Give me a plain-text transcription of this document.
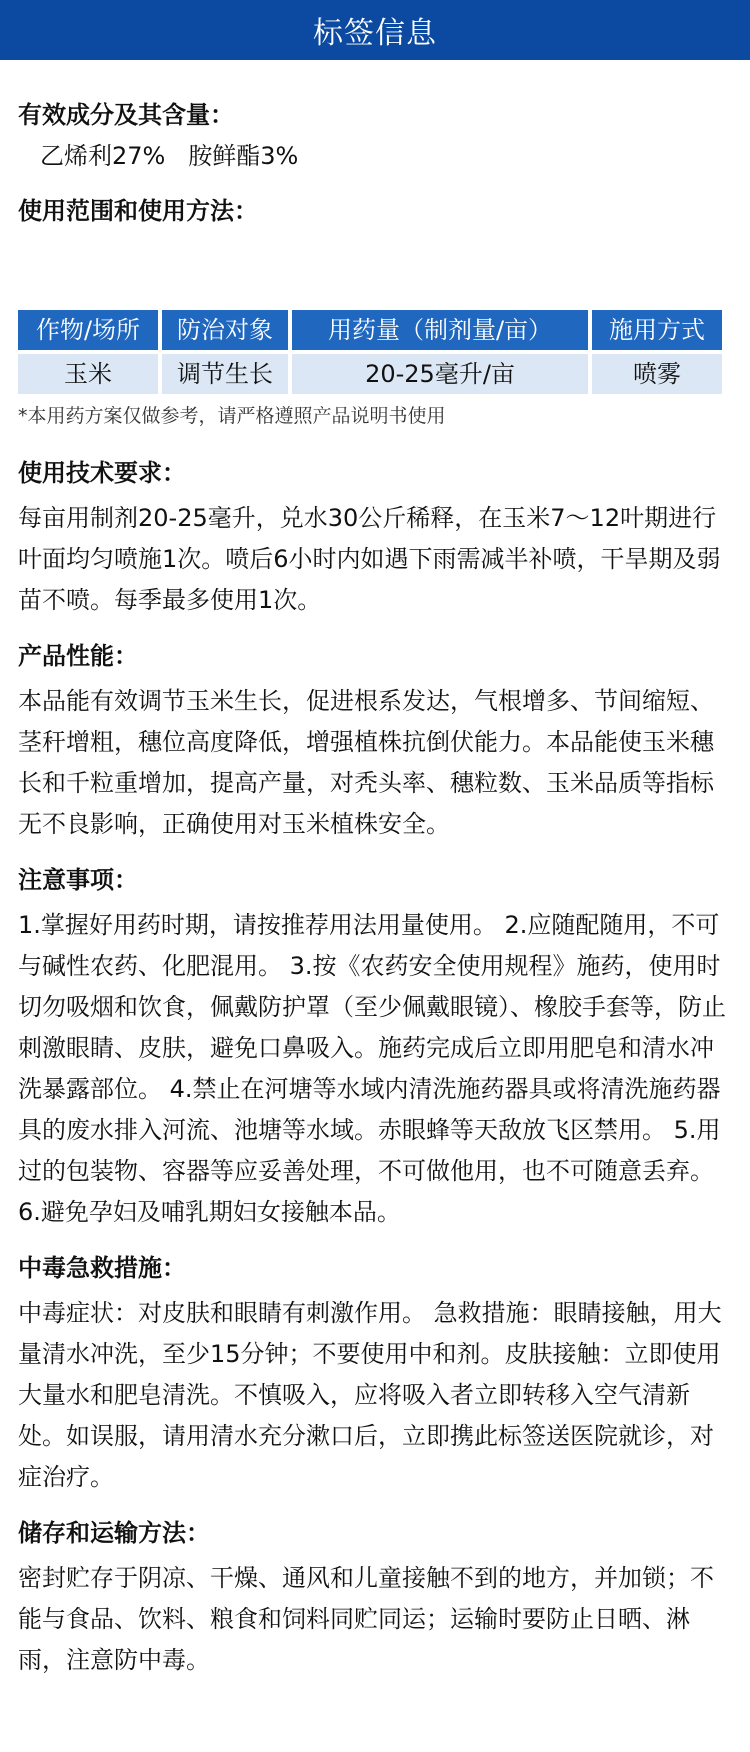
标签信息

有效成分及其含量：

乙烯利27%   胺鲜酯3%

使用范围和使用方法：

作物/场所	防治对象	用药量（制剂量/亩）	施用方式
玉米	调节生长	20-25毫升/亩	喷雾

*本用药方案仅做参考，请严格遵照产品说明书使用

使用技术要求：

每亩用制剂20-25毫升，兑水30公斤稀释，在玉米7～12叶期进行叶面均匀喷施1次。喷后6小时内如遇下雨需减半补喷，干旱期及弱苗不喷。每季最多使用1次。

产品性能：

本品能有效调节玉米生长，促进根系发达，气根增多、节间缩短、茎秆增粗，穗位高度降低，增强植株抗倒伏能力。本品能使玉米穗长和千粒重增加，提高产量，对秃头率、穗粒数、玉米品质等指标无不良影响，正确使用对玉米植株安全。

注意事项：

1.掌握好用药时期，请按推荐用法用量使用。 2.应随配随用，不可与碱性农药、化肥混用。 3.按《农药安全使用规程》施药，使用时切勿吸烟和饮食，佩戴防护罩（至少佩戴眼镜）、橡胶手套等，防止刺激眼睛、皮肤，避免口鼻吸入。施药完成后立即用肥皂和清水冲洗暴露部位。 4.禁止在河塘等水域内清洗施药器具或将清洗施药器具的废水排入河流、池塘等水域。赤眼蜂等天敌放飞区禁用。 5.用过的包装物、容器等应妥善处理，不可做他用，也不可随意丢弃。 6.避免孕妇及哺乳期妇女接触本品。

中毒急救措施：

中毒症状：对皮肤和眼睛有刺激作用。 急救措施：眼睛接触，用大量清水冲洗，至少15分钟；不要使用中和剂。皮肤接触：立即使用大量水和肥皂清洗。不慎吸入，应将吸入者立即转移入空气清新处。如误服，请用清水充分漱口后，立即携此标签送医院就诊，对症治疗。

储存和运输方法：

密封贮存于阴凉、干燥、通风和儿童接触不到的地方，并加锁；不能与食品、饮料、粮食和饲料同贮同运；运输时要防止日晒、淋雨，注意防中毒。
